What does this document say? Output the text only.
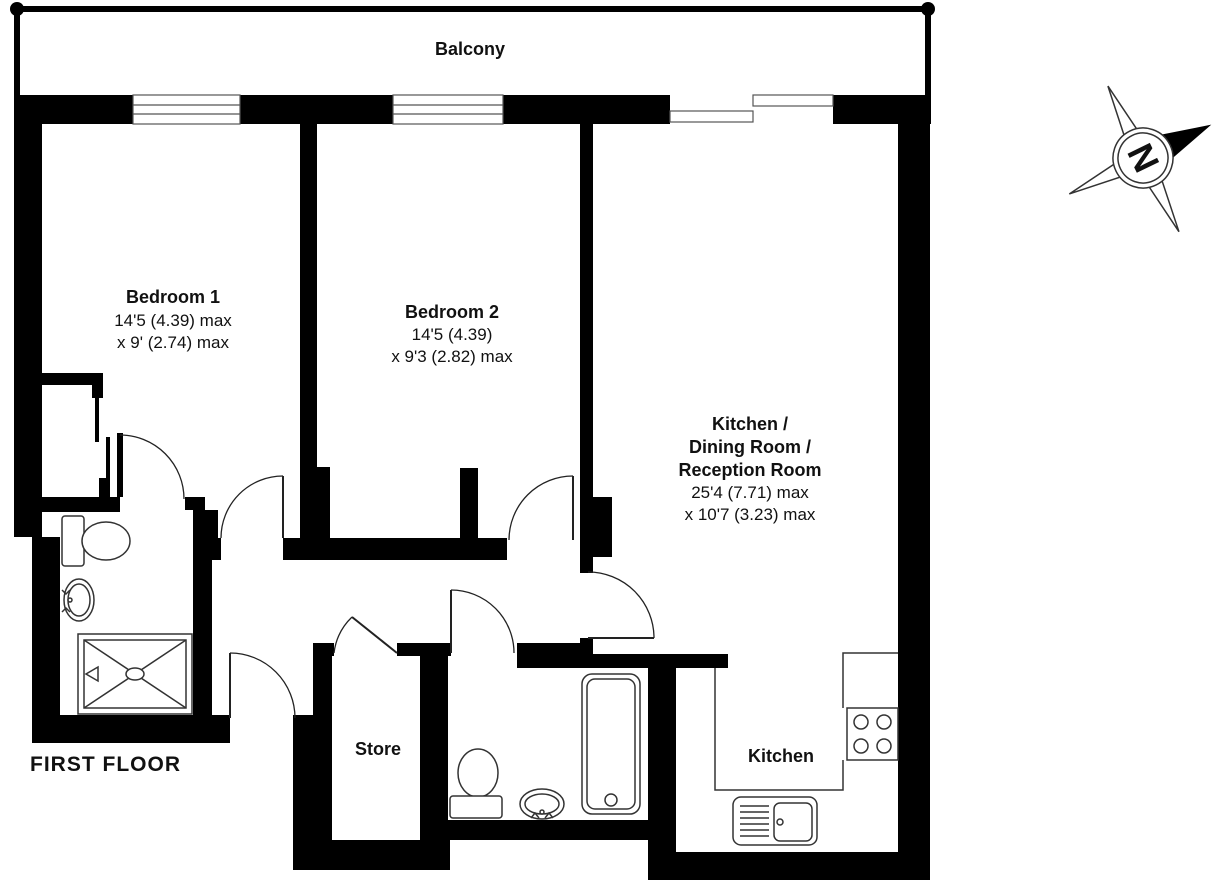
N
Balcony
Bedroom 1
14'5 (4.39) max
x 9' (2.74) max
Bedroom 2
14'5 (4.39)
x 9'3 (2.82) max
Kitchen /
Dining Room /
Reception Room
25'4 (7.71) max
x 10'7 (3.23) max
Store	Kitchen
FIRST FLOOR
